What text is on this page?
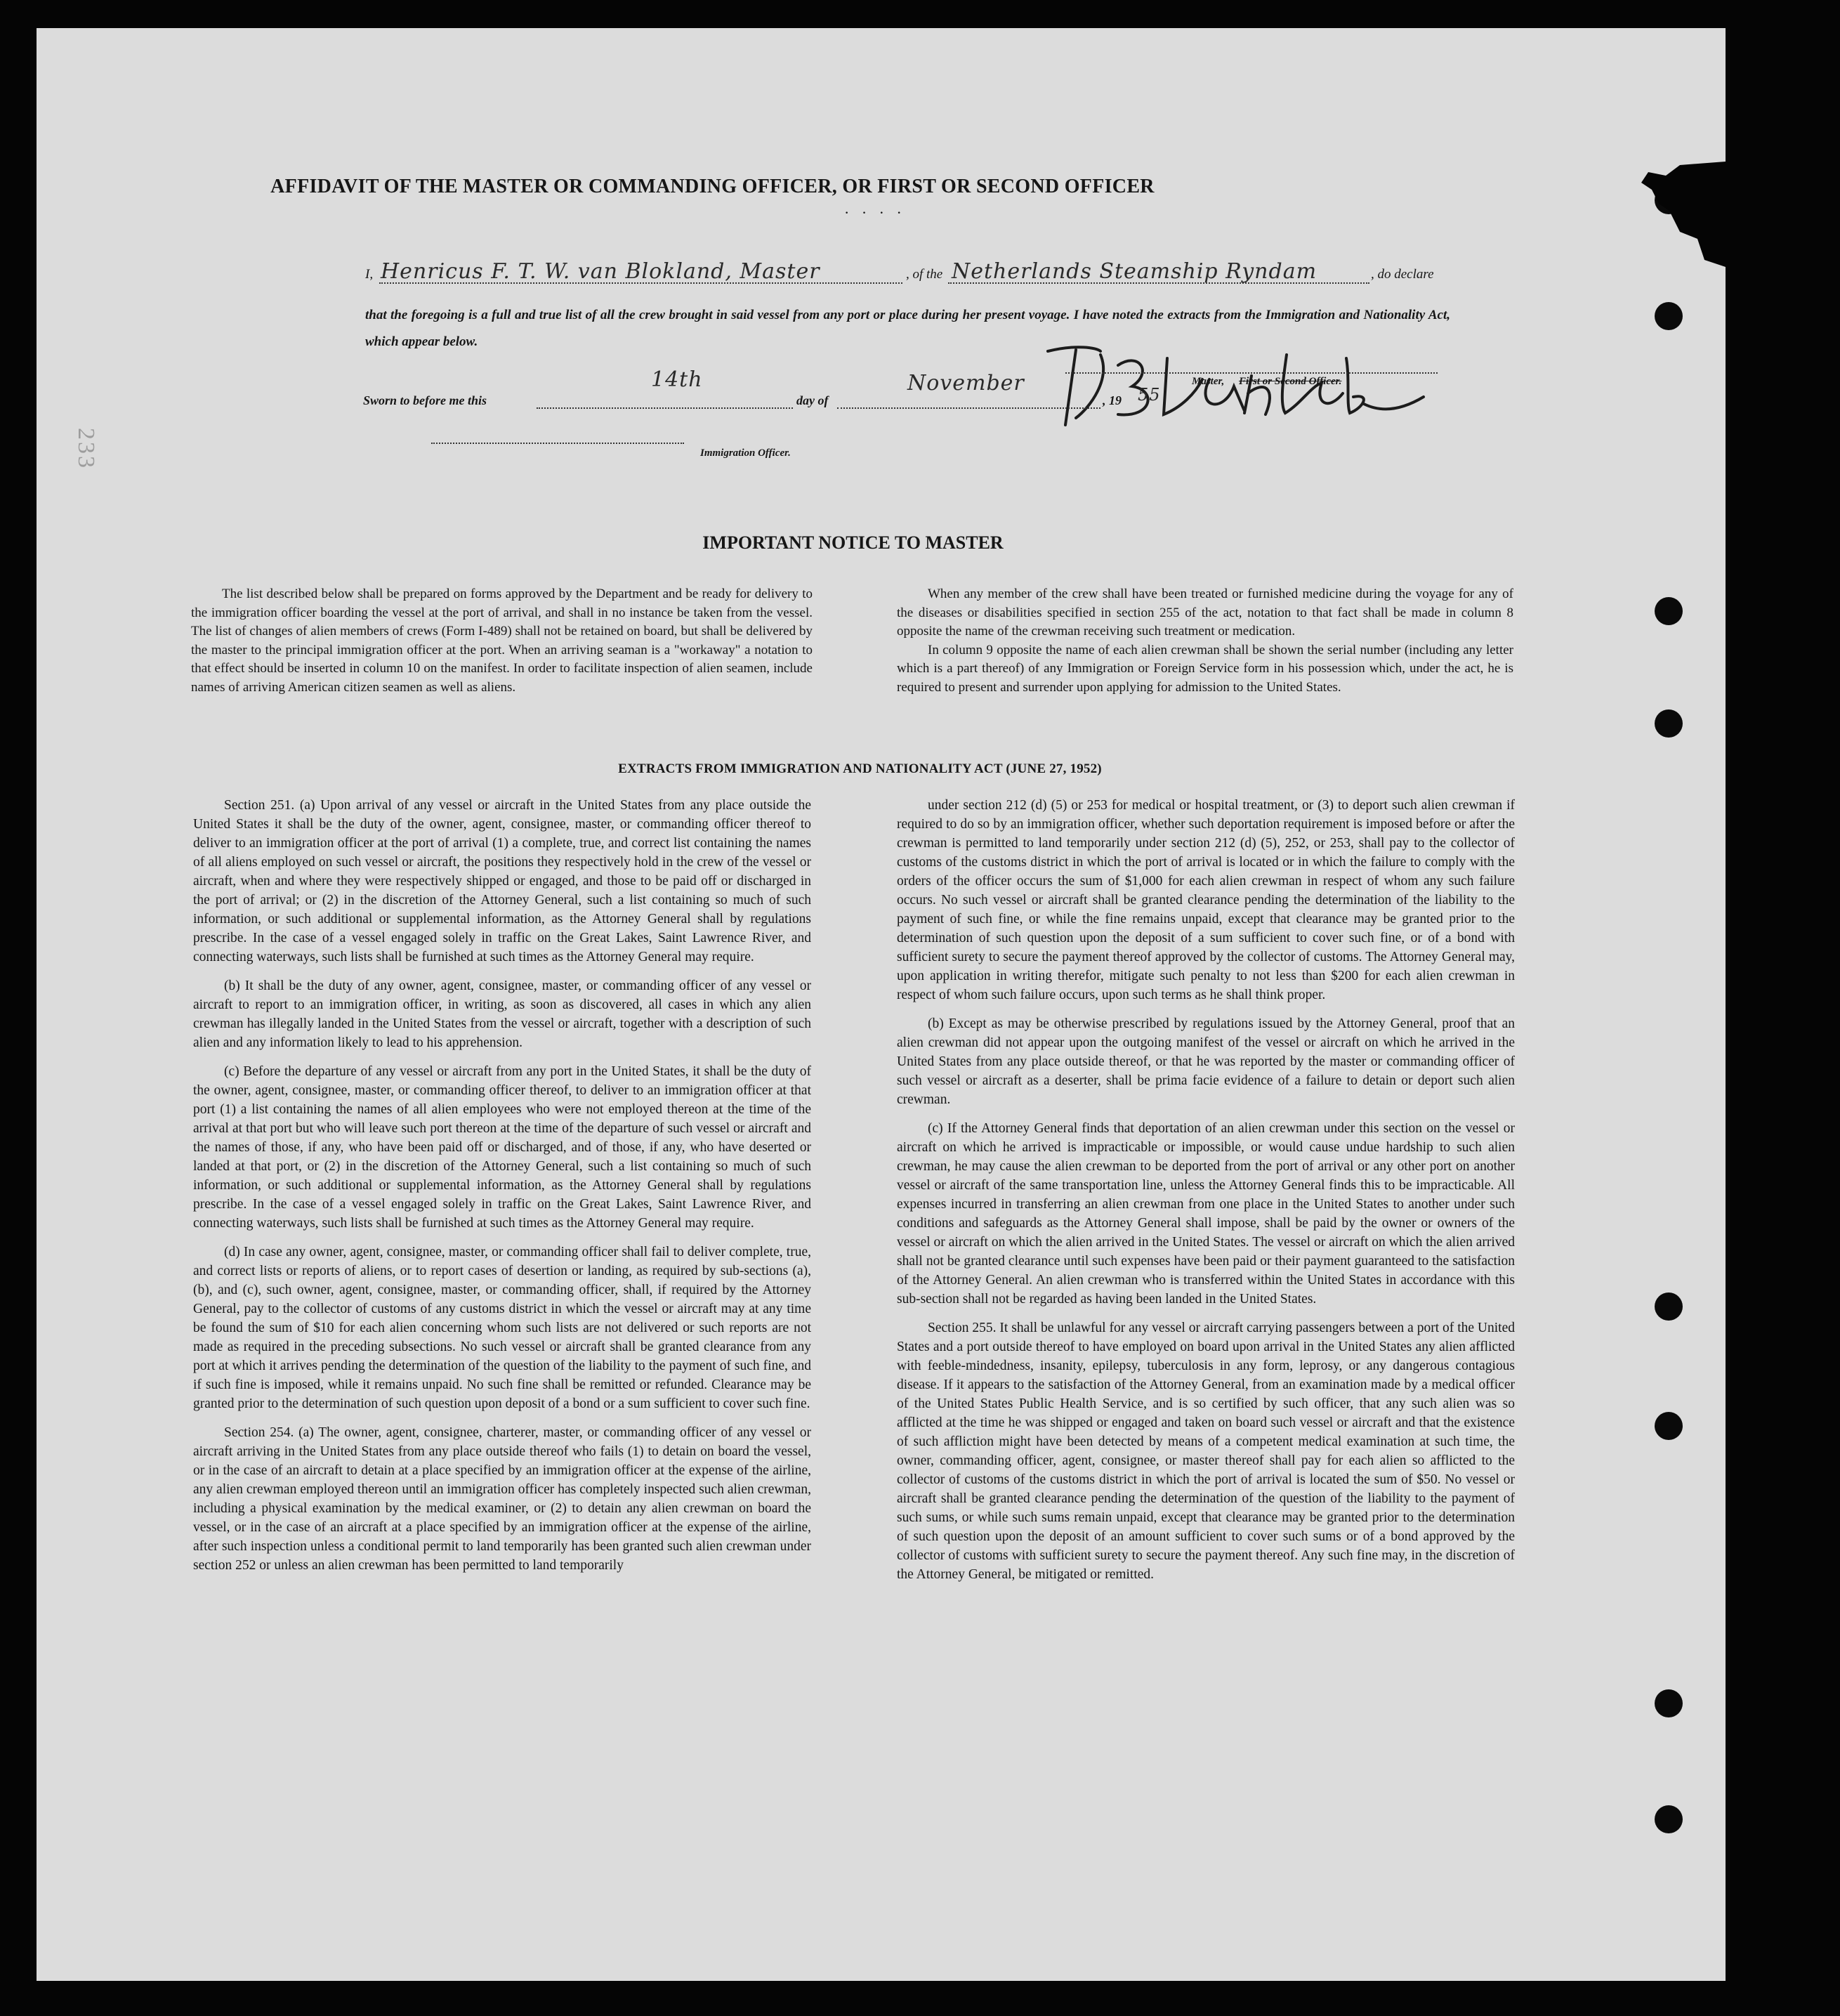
AFFIDAVIT OF THE MASTER OR COMMANDING OFFICER, OR FIRST OR SECOND OFFICER
· · · ·
I, Henricus F. T. W. van Blokland, Master	, of the Netherlands Steamship Ryndam	, do declare
that the foregoing is a full and true list of all the crew brought in said vessel from any port or place during her present voyage. I have noted the extracts from the Immigration and Nationality Act, which appear below.
Master, First or Second Officer.
Sworn to before me this
14th
day of
November
, 19 55
Immigration Officer.
233
IMPORTANT NOTICE TO MASTER

The list described below shall be prepared on forms approved by the Department and be ready for delivery to the immigration officer boarding the vessel at the port of arrival, and shall in no instance be taken from the vessel. The list of changes of alien members of crews (Form I-489) shall not be retained on board, but shall be delivered by the master to the principal immigration officer at the port. When an arriving seaman is a "workaway" a notation to that effect should be inserted in column 10 on the manifest. In order to facilitate inspection of alien seamen, include names of arriving American citizen seamen as well as aliens.

When any member of the crew shall have been treated or furnished medicine during the voyage for any of the diseases or disabilities specified in section 255 of the act, notation to that fact shall be made in column 8 opposite the name of the crewman receiving such treatment or medication.

In column 9 opposite the name of each alien crewman shall be shown the serial number (including any letter which is a part thereof) of any Immigration or Foreign Service form in his possession which, under the act, he is required to present and surrender upon applying for admission to the United States.

EXTRACTS FROM IMMIGRATION AND NATIONALITY ACT (JUNE 27, 1952)

Section 251. (a) Upon arrival of any vessel or aircraft in the United States from any place outside the United States it shall be the duty of the owner, agent, consignee, master, or commanding officer thereof to deliver to an immigration officer at the port of arrival (1) a complete, true, and correct list containing the names of all aliens employed on such vessel or aircraft, the positions they respectively hold in the crew of the vessel or aircraft, when and where they were respectively shipped or engaged, and those to be paid off or discharged in the port of arrival; or (2) in the discretion of the Attorney General, such a list containing so much of such information, or such additional or supplemental information, as the Attorney General shall by regulations prescribe. In the case of a vessel engaged solely in traffic on the Great Lakes, Saint Lawrence River, and connecting waterways, such lists shall be furnished at such times as the Attorney General may require.

(b) It shall be the duty of any owner, agent, consignee, master, or commanding officer of any vessel or aircraft to report to an immigration officer, in writing, as soon as discovered, all cases in which any alien crewman has illegally landed in the United States from the vessel or aircraft, together with a description of such alien and any information likely to lead to his apprehension.

(c) Before the departure of any vessel or aircraft from any port in the United States, it shall be the duty of the owner, agent, consignee, master, or commanding officer thereof, to deliver to an immigration officer at that port (1) a list containing the names of all alien employees who were not employed thereon at the time of the arrival at that port but who will leave such port thereon at the time of the departure of such vessel or aircraft and the names of those, if any, who have been paid off or discharged, and of those, if any, who have deserted or landed at that port, or (2) in the discretion of the Attorney General, such a list containing so much of such information, or such additional or supplemental information, as the Attorney General shall by regulations prescribe. In the case of a vessel engaged solely in traffic on the Great Lakes, Saint Lawrence River, and connecting waterways, such lists shall be furnished at such times as the Attorney General may require.

(d) In case any owner, agent, consignee, master, or commanding officer shall fail to deliver complete, true, and correct lists or reports of aliens, or to report cases of desertion or landing, as required by sub-sections (a), (b), and (c), such owner, agent, consignee, master, or commanding officer, shall, if required by the Attorney General, pay to the collector of customs of any customs district in which the vessel or aircraft may at any time be found the sum of $10 for each alien concerning whom such lists are not delivered or such reports are not made as required in the preceding subsections. No such vessel or aircraft shall be granted clearance from any port at which it arrives pending the determination of the question of the liability to the payment of such fine, and if such fine is imposed, while it remains unpaid. No such fine shall be remitted or refunded. Clearance may be granted prior to the determination of such question upon deposit of a bond or a sum sufficient to cover such fine.

Section 254. (a) The owner, agent, consignee, charterer, master, or commanding officer of any vessel or aircraft arriving in the United States from any place outside thereof who fails (1) to detain on board the vessel, or in the case of an aircraft to detain at a place specified by an immigration officer at the expense of the airline, any alien crewman employed thereon until an immigration officer has completely inspected such alien crewman, including a physical examination by the medical examiner, or (2) to detain any alien crewman on board the vessel, or in the case of an aircraft at a place specified by an immigration officer at the expense of the airline, after such inspection unless a conditional permit to land temporarily has been granted such alien crewman under section 252 or unless an alien crewman has been permitted to land temporarily

under section 212 (d) (5) or 253 for medical or hospital treatment, or (3) to deport such alien crewman if required to do so by an immigration officer, whether such deportation requirement is imposed before or after the crewman is permitted to land temporarily under section 212 (d) (5), 252, or 253, shall pay to the collector of customs of the customs district in which the port of arrival is located or in which the failure to comply with the orders of the officer occurs the sum of $1,000 for each alien crewman in respect of whom any such failure occurs. No such vessel or aircraft shall be granted clearance pending the determination of the liability to the payment of such fine, or while the fine remains unpaid, except that clearance may be granted prior to the determination of such question upon the deposit of a sum sufficient to cover such fine, or of a bond with sufficient surety to secure the payment thereof approved by the collector of customs. The Attorney General may, upon application in writing therefor, mitigate such penalty to not less than $200 for each alien crewman in respect of whom such failure occurs, upon such terms as he shall think proper.

(b) Except as may be otherwise prescribed by regulations issued by the Attorney General, proof that an alien crewman did not appear upon the outgoing manifest of the vessel or aircraft on which he arrived in the United States from any place outside thereof, or that he was reported by the master or commanding officer of such vessel or aircraft as a deserter, shall be prima facie evidence of a failure to detain or deport such alien crewman.

(c) If the Attorney General finds that deportation of an alien crewman under this section on the vessel or aircraft on which he arrived is impracticable or impossible, or would cause undue hardship to such alien crewman, he may cause the alien crewman to be deported from the port of arrival or any other port on another vessel or aircraft of the same transportation line, unless the Attorney General finds this to be impracticable. All expenses incurred in transferring an alien crewman from one place in the United States to another under such conditions and safeguards as the Attorney General shall impose, shall be paid by the owner or owners of the vessel or aircraft on which the alien arrived in the United States. The vessel or aircraft on which the alien arrived shall not be granted clearance until such expenses have been paid or their payment guaranteed to the satisfaction of the Attorney General. An alien crewman who is transferred within the United States in accordance with this sub-section shall not be regarded as having been landed in the United States.

Section 255. It shall be unlawful for any vessel or aircraft carrying passengers between a port of the United States and a port outside thereof to have employed on board upon arrival in the United States any alien afflicted with feeble-mindedness, insanity, epilepsy, tuberculosis in any form, leprosy, or any dangerous contagious disease. If it appears to the satisfaction of the Attorney General, from an examination made by a medical officer of the United States Public Health Service, and is so certified by such officer, that any such alien was so afflicted at the time he was shipped or engaged and taken on board such vessel or aircraft and that the existence of such affliction might have been detected by means of a competent medical examination at such time, the owner, commanding officer, agent, consignee, or master thereof shall pay for each alien so afflicted to the collector of customs of the customs district in which the port of arrival is located the sum of $50. No vessel or aircraft shall be granted clearance pending the determination of the question of the liability to the payment of such sums, or while such sums remain unpaid, except that clearance may be granted prior to the determination of such question upon the deposit of an amount sufficient to cover such sums or of a bond approved by the collector of customs with sufficient surety to secure the payment thereof. Any such fine may, in the discretion of the Attorney General, be mitigated or remitted.
